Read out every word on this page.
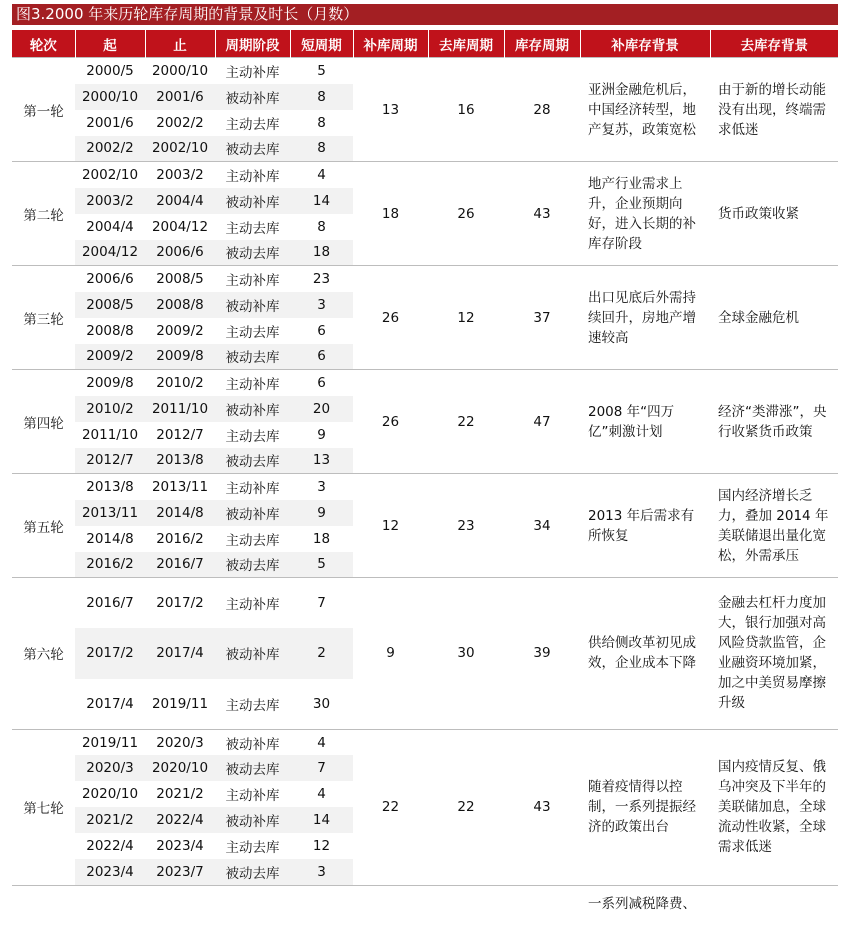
图3.2000 年来历轮库存周期的背景及时长（月数）
轮次	起	止	周期阶段	短周期	补库周期	去库周期	库存周期	补库存背景	去库存背景
第一轮	2000/5	2000/10	主动补库	5	13	16	28	亚洲金融危机后，中国经济转型，地产复苏，政策宽松	由于新的增长动能没有出现，终端需求低迷
	2000/10	2001/6	被动补库	8					
	2001/6	2002/2	主动去库	8					
	2002/2	2002/10	被动去库	8					
第二轮	2002/10	2003/2	主动补库	4	18	26	43	地产行业需求上升，企业预期向好，进入长期的补库存阶段	货币政策收紧
	2003/2	2004/4	被动补库	14					
	2004/4	2004/12	主动去库	8					
	2004/12	2006/6	被动去库	18					
第三轮	2006/6	2008/5	主动补库	23	26	12	37	出口见底后外需持续回升，房地产增速较高	全球金融危机
	2008/5	2008/8	被动补库	3					
	2008/8	2009/2	主动去库	6					
	2009/2	2009/8	被动去库	6					
第四轮	2009/8	2010/2	主动补库	6	26	22	47	2008 年“四万亿”刺激计划	经济“类滞涨”，央行收紧货币政策
	2010/2	2011/10	被动补库	20					
	2011/10	2012/7	主动去库	9					
	2012/7	2013/8	被动去库	13					
第五轮	2013/8	2013/11	主动补库	3	12	23	34	2013 年后需求有所恢复	国内经济增长乏力，叠加 2014 年美联储退出量化宽松，外需承压
	2013/11	2014/8	被动补库	9					
	2014/8	2016/2	主动去库	18					
	2016/2	2016/7	被动去库	5					
第六轮	2016/7	2017/2	主动补库	7	9	30	39	供给侧改革初见成效，企业成本下降	金融去杠杆力度加大，银行加强对高风险贷款监管，企业融资环境加紧，加之中美贸易摩擦升级
	2017/2	2017/4	被动补库	2					
	2017/4	2019/11	主动去库	30					
第七轮	2019/11	2020/3	被动补库	4	22	22	43	随着疫情得以控制，一系列提振经济的政策出台	国内疫情反复、俄乌冲突及下半年的美联储加息，全球流动性收紧，全球需求低迷
	2020/3	2020/10	被动去库	7					
	2020/10	2021/2	主动补库	4					
	2021/2	2022/4	被动补库	14					
	2022/4	2023/4	主动去库	12					
	2023/4	2023/7	被动去库	3					
								一系列减税降费、	
